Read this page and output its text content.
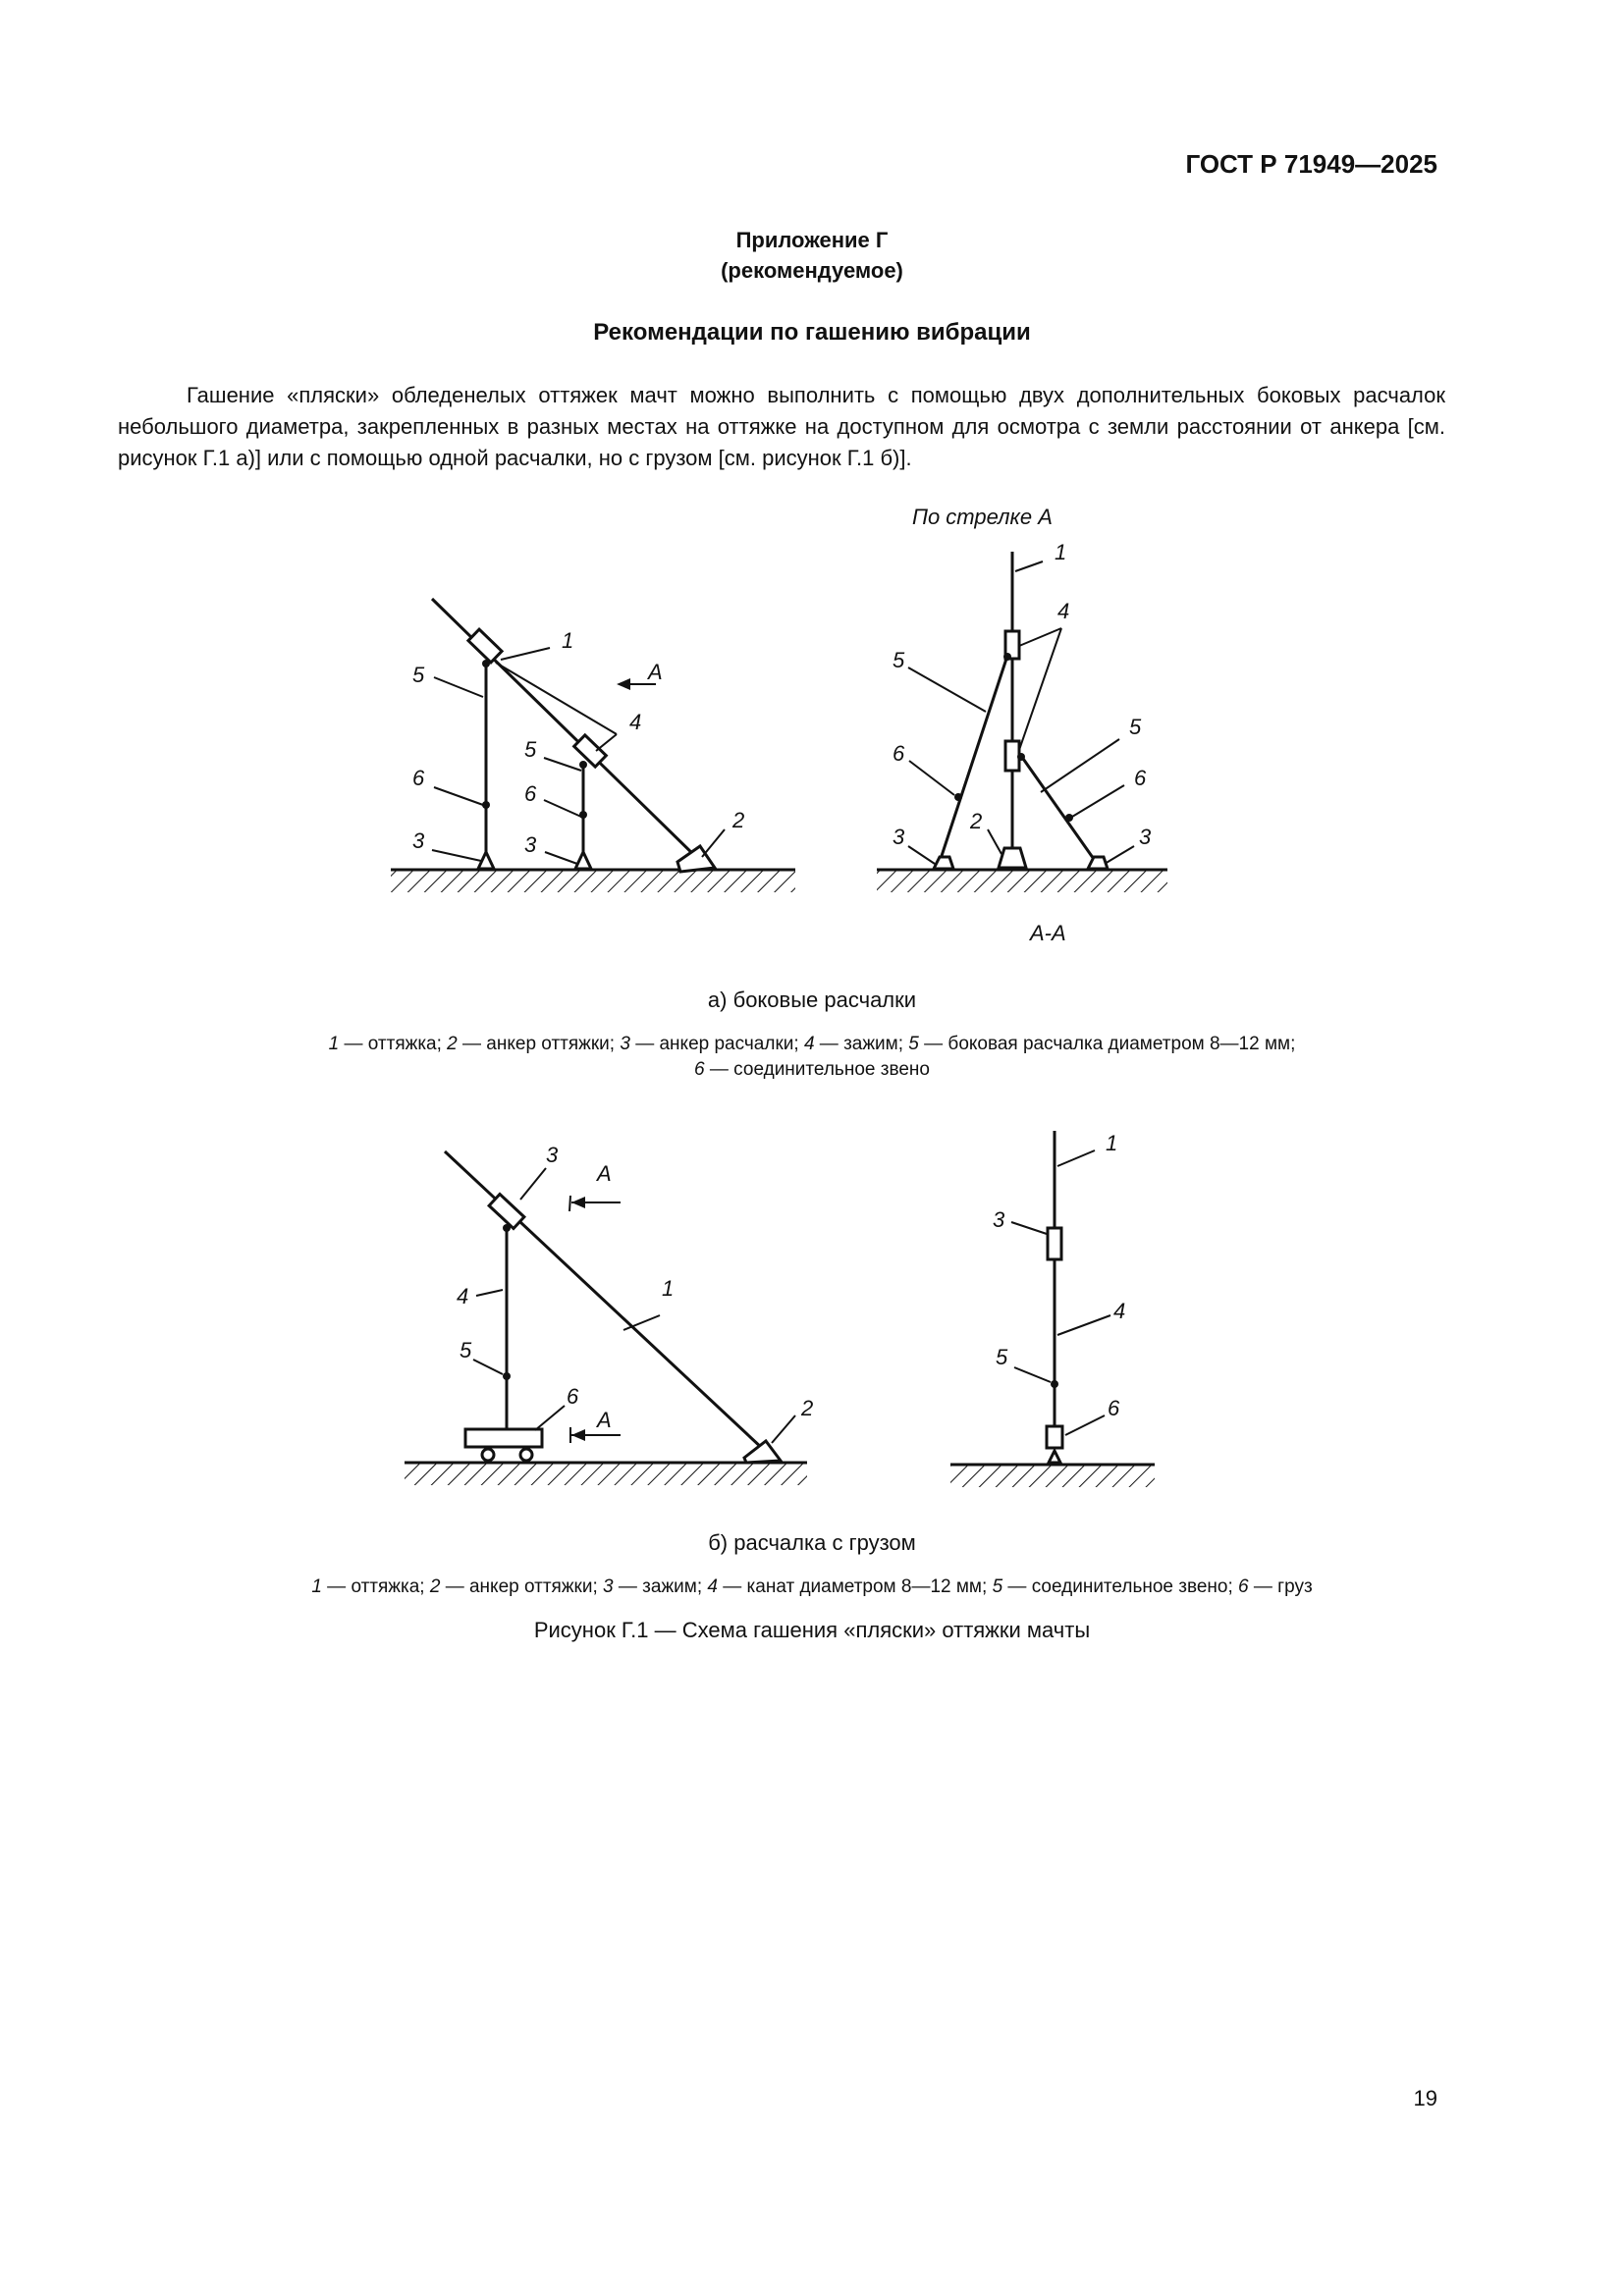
ГОСТ Р 71949—2025
Приложение Г
(рекомендуемое)
Рекомендации по гашению вибрации
Гашение «пляски» обледенелых оттяжек мачт можно выполнить с помощью двух дополнительных боковых расчалок небольшого диаметра, закрепленных в разных местах на оттяжке на доступном для осмотра с земли расстоянии от анкера [см. рисунок Г.1 а)] или с помощью одной расчалки, но с грузом [см. рисунок Г.1 б)].
1
5
6
5
6
3	3
4
2
А
По стрелке А
1
4
5
6
3
2
5
6
3
А-А
3
А
4
5
6
А
1
2
1
3
4
5
6
а) боковые расчалки
1 — оттяжка; 2 — анкер оттяжки; 3 — анкер расчалки; 4 — зажим; 5 — боковая расчалка диаметром 8—12 мм;
6 — соединительное звено
б) расчалка с грузом
1 — оттяжка; 2 — анкер оттяжки; 3 — зажим; 4 — канат диаметром 8—12 мм; 5 — соединительное звено; 6 — груз
Рисунок Г.1 — Схема гашения «пляски» оттяжки мачты
19
